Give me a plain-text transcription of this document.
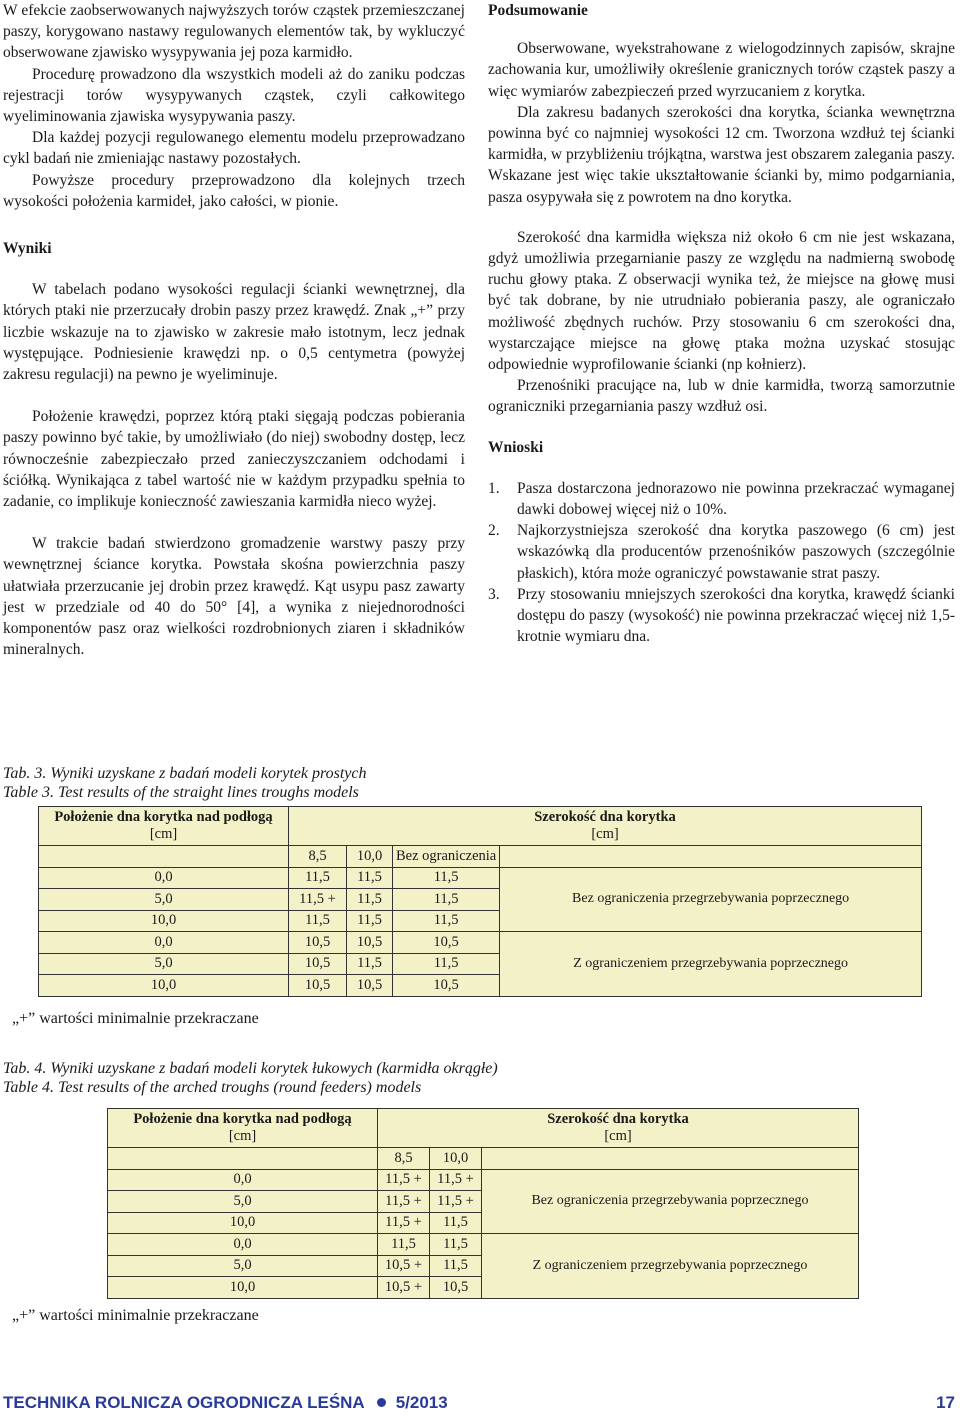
W efekcie zaobserwowanych najwyższych torów cząstek przemieszczanej paszy, korygowano nastawy regulowanych elementów tak, by wykluczyć obserwowane zjawisko wysypywania jej poza karmidło.

Procedurę prowadzono dla wszystkich modeli aż do zaniku podczas rejestracji torów wysypywanych cząstek, czyli całkowitego wyeliminowania zjawiska wysypywania paszy.

Dla każdej pozycji regulowanego elementu modelu przeprowadzano cykl badań nie zmieniając nastawy pozostałych.

Powyższe procedury przeprowadzono dla kolejnych trzech wysokości położenia karmideł, jako całości, w pionie.

Wyniki

W tabelach podano wysokości regulacji ścianki wewnętrznej, dla których ptaki nie przerzucały drobin paszy przez krawędź. Znak „+” przy liczbie wskazuje na to zjawisko w zakresie mało istotnym, lecz jednak występujące. Podniesienie krawędzi np. o 0,5 centymetra (powyżej zakresu regulacji) na pewno je wyeliminuje.

Położenie krawędzi, poprzez którą ptaki sięgają podczas pobierania paszy powinno być takie, by umożliwiało (do niej) swobodny dostęp, lecz równocześnie zabezpieczało przed zanieczyszczaniem odchodami i ściółką. Wynikająca z tabel wartość nie w każdym przypadku spełnia to zadanie, co implikuje konieczność zawieszania karmidła nieco wyżej.

W trakcie badań stwierdzono gromadzenie warstwy paszy przy wewnętrznej ściance korytka. Powstała skośna powierzchnia paszy ułatwiała przerzucanie jej drobin przez krawędź. Kąt usypu pasz zawarty jest w przedziale od 40 do 50° [4], a wynika z niejednorodności komponentów pasz oraz wielkości rozdrobnionych ziaren i składników mineralnych.

Podsumowanie

Obserwowane, wyekstrahowane z wielogodzinnych zapisów, skrajne zachowania kur, umożliwiły określenie granicznych torów cząstek paszy a więc wymiarów zabezpieczeń przed wyrzucaniem z korytka.

Dla zakresu badanych szerokości dna korytka, ścianka wewnętrzna powinna być co najmniej wysokości 12 cm. Tworzona wzdłuż tej ścianki karmidła, w przybliżeniu trójkątna, warstwa jest obszarem zalegania paszy. Wskazane jest więc takie ukształtowanie ścianki by, mimo podgarniania, pasza osypywała się z powrotem na dno korytka.

Szerokość dna karmidła większa niż około 6 cm nie jest wskazana, gdyż umożliwia przegarnianie paszy ze względu na nadmierną swobodę ruchu głowy ptaka. Z obserwacji wynika też, że miejsce na głowę musi być tak dobrane, by nie utrudniało pobierania paszy, ale ograniczało możliwość zbędnych ruchów. Przy stosowaniu 6 cm szerokości dna, wystarczające miejsce na głowę ptaka można uzyskać stosując odpowiednie wyprofilowanie ścianki (np kołnierz).

Przenośniki pracujące na, lub w dnie karmidła, tworzą samorzutnie ograniczniki przegarniania paszy wzdłuż osi.

Wnioski

1. Pasza dostarczona jednorazowo nie powinna przekraczać wymaganej dawki dobowej więcej niż o 10%.
2. Najkorzystniejsza szerokość dna korytka paszowego (6 cm) jest wskazówką dla producentów przenośników paszowych (szczególnie płaskich), która może ograniczyć powstawanie strat paszy.
3. Przy stosowaniu mniejszych szerokości dna korytka, krawędź ścianki dostępu do paszy (wysokość) nie powinna przekraczać więcej niż 1,5-krotnie wymiaru dna.
Tab. 3. Wyniki uzyskane z badań modeli korytek prostych
Table 3. Test results of the straight lines troughs models
Położenie dna korytka nad podłogą
[cm]	Szerokość dna korytka
[cm]			
	8,5	10,0	Bez ograniczenia	
0,0	11,5	11,5	11,5	Bez ograniczenia przegrzebywania poprzecznego
5,0	11,5 +	11,5	11,5	
10,0	11,5	11,5	11,5	
0,0	10,5	10,5	10,5	Z ograniczeniem przegrzebywania poprzecznego
5,0	10,5	11,5	11,5	
10,0	10,5	10,5	10,5	
„+” wartości minimalnie przekraczane
Tab. 4. Wyniki uzyskane z badań modeli korytek łukowych (karmidła okrągłe)
Table 4. Test results of the arched troughs (round feeders) models
Położenie dna korytka nad podłogą
[cm]	Szerokość dna korytka
[cm]		
	8,5	10,0	
0,0	11,5 +	11,5 +	Bez ograniczenia przegrzebywania poprzecznego
5,0	11,5 +	11,5 +	
10,0	11,5 +	11,5	
0,0	11,5	11,5	Z ograniczeniem przegrzebywania poprzecznego
5,0	10,5 +	11,5	
10,0	10,5 +	10,5	
„+” wartości minimalnie przekraczane
TECHNIKA ROLNICZA OGRODNICZA LEŚNA 5/2013	17
